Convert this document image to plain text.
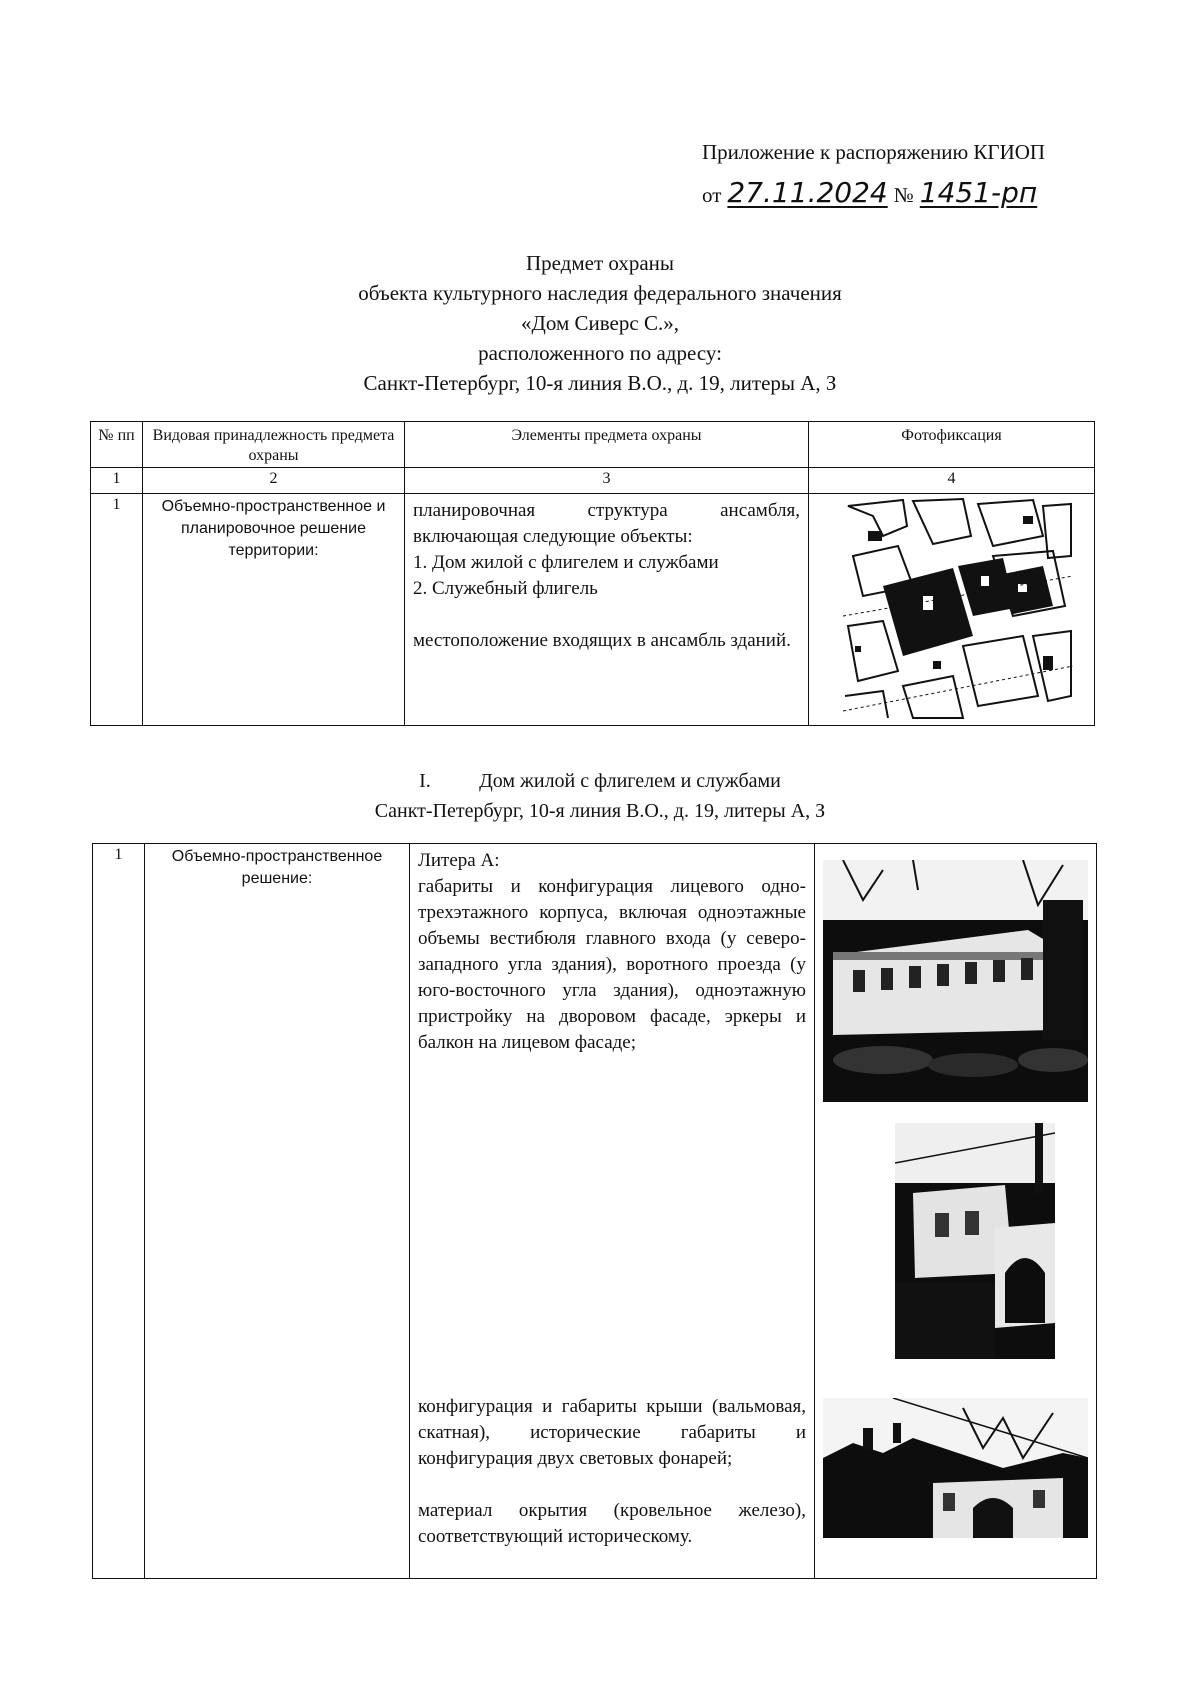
Приложение к распоряжению КГИОП
от 27.11.2024 № 1451-рп
Предмет охраны
объекта культурного наследия федерального значения
«Дом Сиверс С.»,
расположенного по адресу:
Санкт-Петербург, 10-я линия В.О., д. 19, литеры А, З
№ пп	Видовая принадлежность предмета охраны	Элементы предмета охраны	Фотофиксация
1	2	3	4
1	Объемно-пространственное и планировочное решение территории:	планировочная структура ансамбля, включающая следующие объекты:

1. Дом жилой с флигелем и службами

2. Служебный флигель

местоположение входящих в ансамбль зданий.

I. Дом жилой с флигелем и службами
Санкт-Петербург, 10-я линия В.О., д. 19, литеры А, З
1	Объемно-пространственное решение:	Литера А:

габариты и конфигурация лицевого одно-трехэтажного корпуса, включая одноэтажные объемы вестибюля главного входа (у северо-западного угла здания), воротного проезда (у юго-восточного угла здания), одноэтажную пристройку на дворовом фасаде, эркеры и балкон на лицевом фасаде;

		конфигурация и габариты крыши (вальмовая, скатная), исторические габариты и конфигурация двух световых фонарей;

материал окрытия (кровельное железо), соответствующий историческому.
